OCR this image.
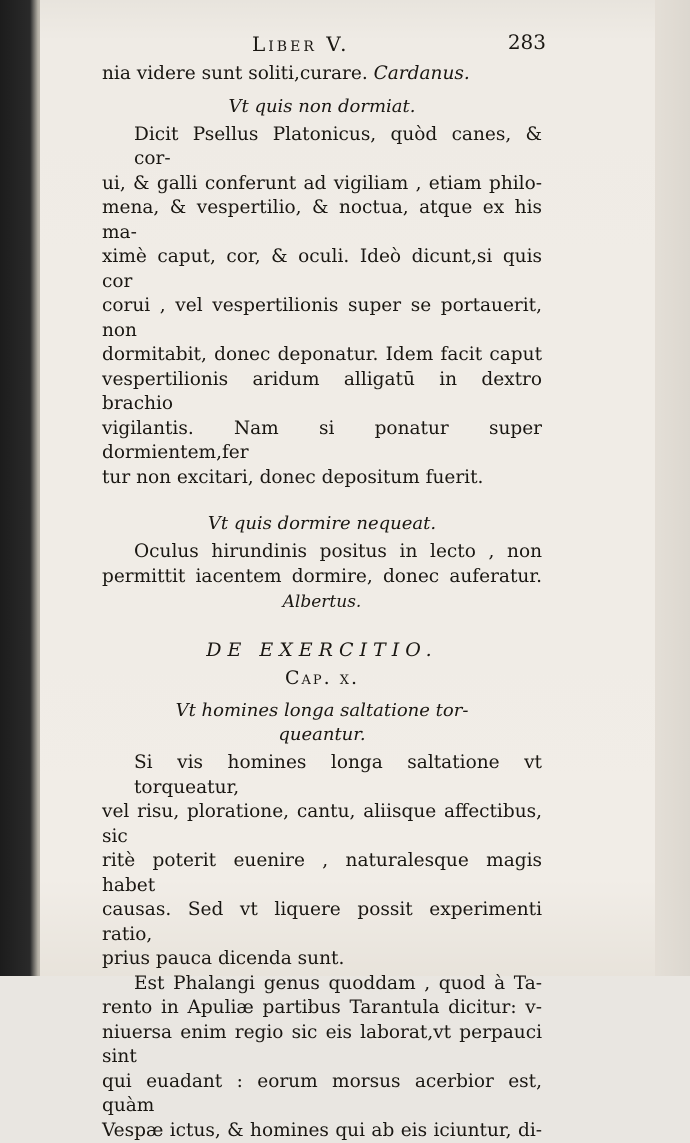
Liber V.	283
nia videre sunt soliti,curare. Cardanus.
Vt quis non dormiat.
Dicit Psellus Platonicus, quòd canes, & cor-
ui, & galli conferunt ad vigiliam , etiam philo-
mena, & vespertilio, & noctua, atque ex his ma-
ximè caput, cor, & oculi. Ideò dicunt,si quis cor
corui , vel vespertilionis super se portauerit, non
dormitabit, donec deponatur. Idem facit caput
vespertilionis aridum alligatū in dextro brachio
vigilantis. Nam si ponatur super dormientem,fer
tur non excitari, donec depositum fuerit.
Vt quis dormire nequeat.
Oculus hirundinis positus in lecto , non
permittit iacentem dormire, donec auferatur.
Albertus.
DE EXERCITIO.
Cap. x.
Vt homines longa saltatione tor-
queantur.
Si vis homines longa saltatione vt torqueatur,
vel risu, ploratione, cantu, aliisque affectibus, sic
ritè poterit euenire , naturalesque magis habet
causas. Sed vt liquere possit experimenti ratio,
prius pauca dicenda sunt.
Est Phalangi genus quoddam , quod à Ta-
rento in Apuliæ partibus Tarantula dicitur: v-
niuersa enim regio sic eis laborat,vt perpauci sint
qui euadant : eorum morsus acerbior est, quàm
Vespæ ictus, & homines qui ab eis iciuntur, di-
